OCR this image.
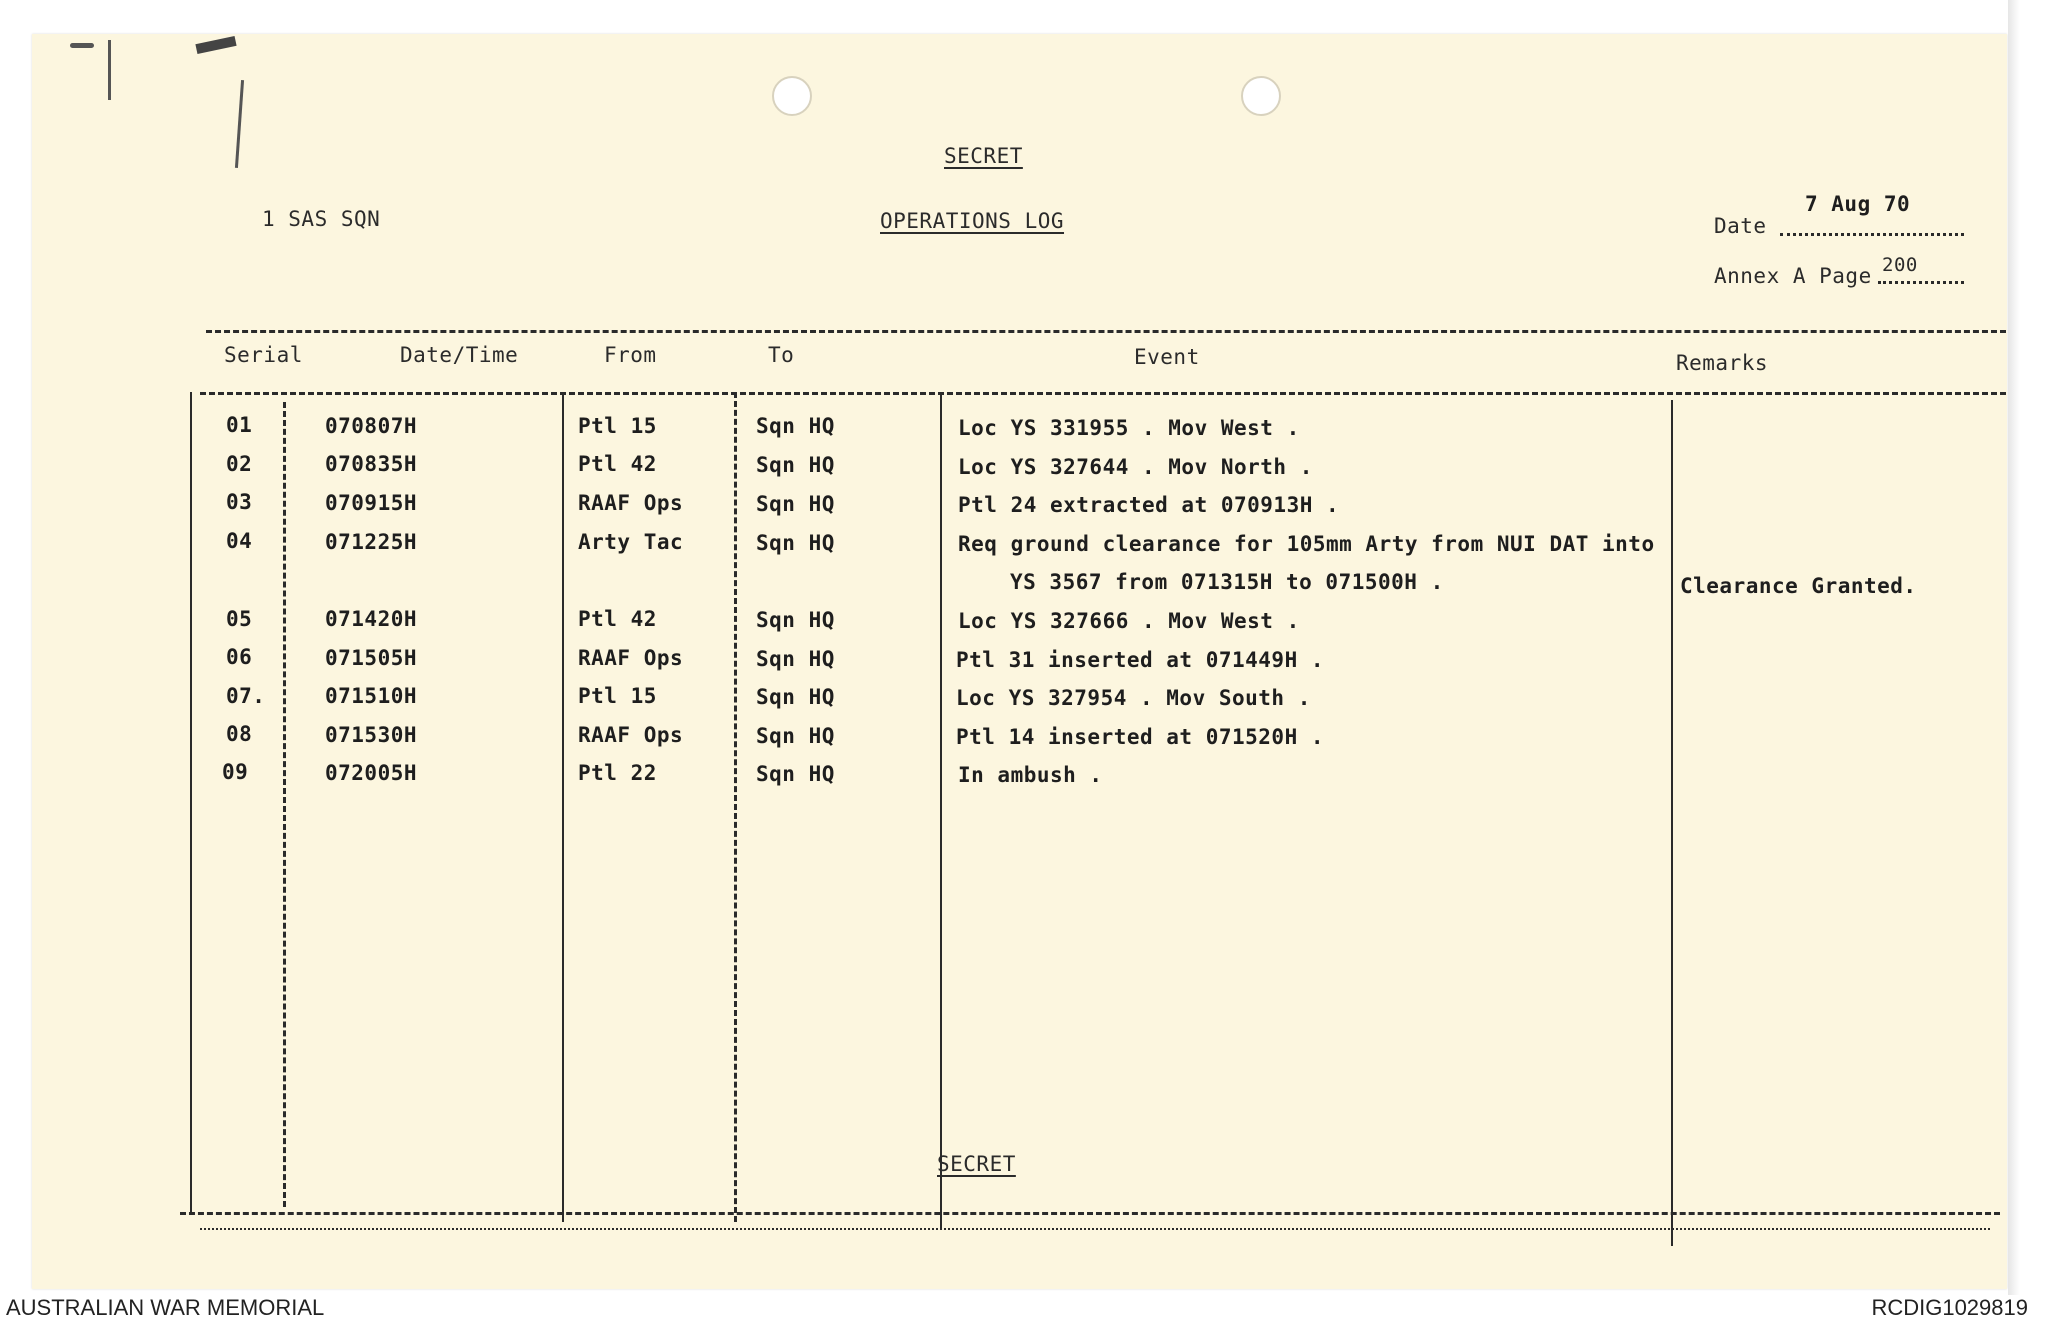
SECRET
1 SAS SQN	OPERATIONS LOG	Date
7 Aug 70
Annex A Page 200
Serial	Date/Time	From	To	Event	Remarks
01	070807H	Ptl 15	Sqn HQ	Loc YS 331955 . Mov West .
02	070835H	Ptl 42	Sqn HQ	Loc YS 327644 . Mov North .
03	070915H	RAAF Ops	Sqn HQ	Ptl 24 extracted at 070913H .
04	071225H	Arty Tac	Sqn HQ	Req ground clearance for 105mm Arty from NUI DAT into
YS 3567 from 071315H to 071500H .	Clearance Granted.
05	071420H	Ptl 42	Sqn HQ	Loc YS 327666 . Mov West .
06	071505H	RAAF Ops	Sqn HQ	Ptl 31 inserted at 071449H .
07.	071510H	Ptl 15	Sqn HQ	Loc YS 327954 . Mov South .
08	071530H	RAAF Ops	Sqn HQ	Ptl 14 inserted at 071520H .
09	072005H	Ptl 22	Sqn HQ	In ambush .
SECRET
AUSTRALIAN WAR MEMORIAL	RCDIG1029819
